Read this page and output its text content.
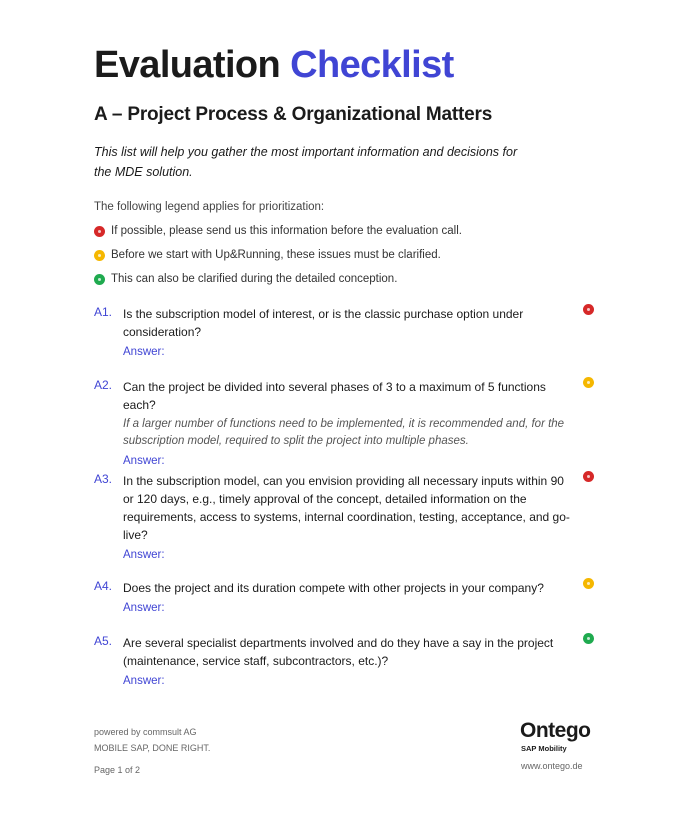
Evaluation Checklist
A – Project Process & Organizational Matters
This list will help you gather the most important information and decisions for the MDE solution.
The following legend applies for prioritization:
If possible, please send us this information before the evaluation call.
Before we start with Up&Running, these issues must be clarified.
This can also be clarified during the detailed conception.
A1. Is the subscription model of interest, or is the classic purchase option under consideration?
Answer:
A2. Can the project be divided into several phases of 3 to a maximum of 5 functions each?
If a larger number of functions need to be implemented, it is recommended and, for the subscription model, required to split the project into multiple phases.
Answer:
A3. In the subscription model, can you envision providing all necessary inputs within 90 or 120 days, e.g., timely approval of the concept, detailed information on the requirements, access to systems, internal coordination, testing, acceptance, and go-live?
Answer:
A4. Does the project and its duration compete with other projects in your company?
Answer:
A5. Are several specialist departments involved and do they have a say in the project (maintenance, service staff, subcontractors, etc.)?
Answer:
powered by commsult AG
MOBILE SAP, DONE RIGHT.
Page 1 of 2
Ontego
SAP Mobility
www.ontego.de
